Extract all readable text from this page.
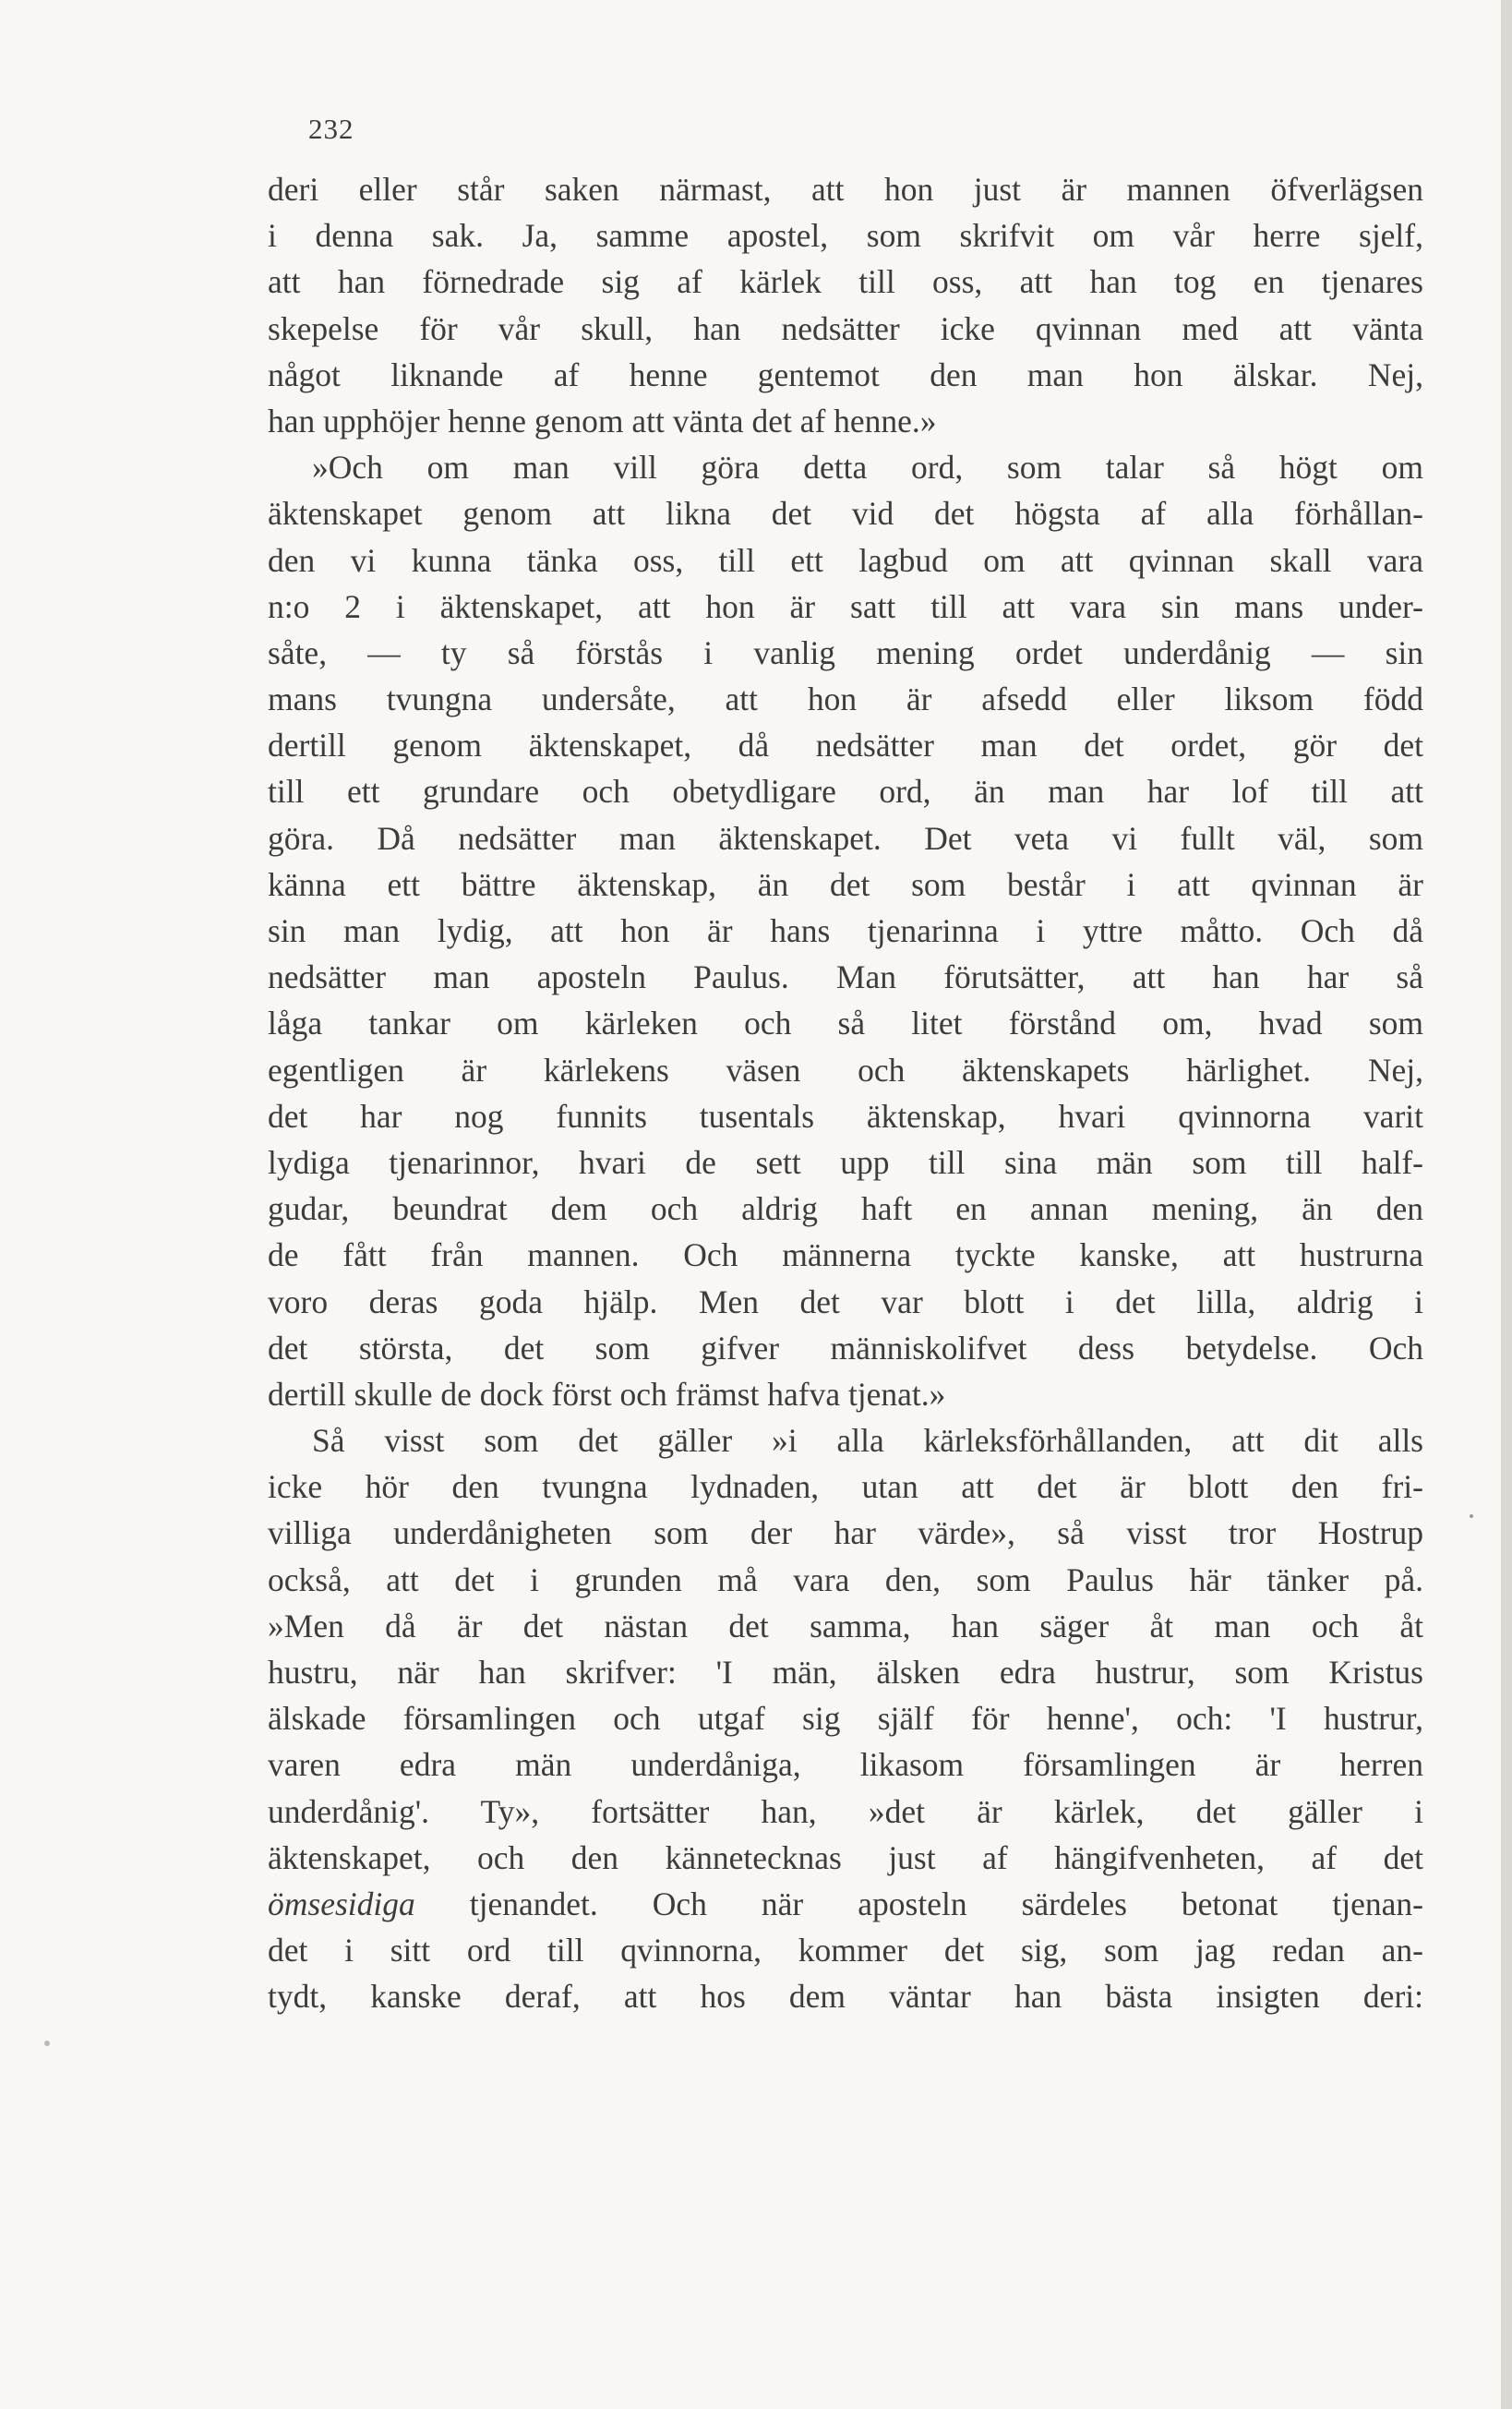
232
deri eller står saken närmast, att hon just är mannen öfverlägsen
i denna sak. Ja, samme apostel, som skrifvit om vår herre sjelf,
att han förnedrade sig af kärlek till oss, att han tog en tjenares
skepelse för vår skull, han nedsätter icke qvinnan med att vänta
något liknande af henne gentemot den man hon älskar. Nej,
han upphöjer henne genom att vänta det af henne.»
»Och om man vill göra detta ord, som talar så högt om
äktenskapet genom att likna det vid det högsta af alla förhållan-
den vi kunna tänka oss, till ett lagbud om att qvinnan skall vara
n:o 2 i äktenskapet, att hon är satt till att vara sin mans under-
såte, — ty så förstås i vanlig mening ordet underdånig — sin
mans tvungna undersåte, att hon är afsedd eller liksom född
dertill genom äktenskapet, då nedsätter man det ordet, gör det
till ett grundare och obetydligare ord, än man har lof till att
göra. Då nedsätter man äktenskapet. Det veta vi fullt väl, som
känna ett bättre äktenskap, än det som består i att qvinnan är
sin man lydig, att hon är hans tjenarinna i yttre måtto. Och då
nedsätter man aposteln Paulus. Man förutsätter, att han har så
låga tankar om kärleken och så litet förstånd om, hvad som
egentligen är kärlekens väsen och äktenskapets härlighet. Nej,
det har nog funnits tusentals äktenskap, hvari qvinnorna varit
lydiga tjenarinnor, hvari de sett upp till sina män som till half-
gudar, beundrat dem och aldrig haft en annan mening, än den
de fått från mannen. Och männerna tyckte kanske, att hustrurna
voro deras goda hjälp. Men det var blott i det lilla, aldrig i
det största, det som gifver människolifvet dess betydelse. Och
dertill skulle de dock först och främst hafva tjenat.»
Så visst som det gäller »i alla kärleksförhållanden, att dit alls
icke hör den tvungna lydnaden, utan att det är blott den fri-
villiga underdånigheten som der har värde», så visst tror Hostrup
också, att det i grunden må vara den, som Paulus här tänker på.
»Men då är det nästan det samma, han säger åt man och åt
hustru, när han skrifver: 'I män, älsken edra hustrur, som Kristus
älskade församlingen och utgaf sig själf för henne', och: 'I hustrur,
varen edra män underdåniga, likasom församlingen är herren
underdånig'. Ty», fortsätter han, »det är kärlek, det gäller i
äktenskapet, och den kännetecknas just af hängifvenheten, af det
ömsesidiga tjenandet. Och när aposteln särdeles betonat tjenan-
det i sitt ord till qvinnorna, kommer det sig, som jag redan an-
tydt, kanske deraf, att hos dem väntar han bästa insigten deri:
